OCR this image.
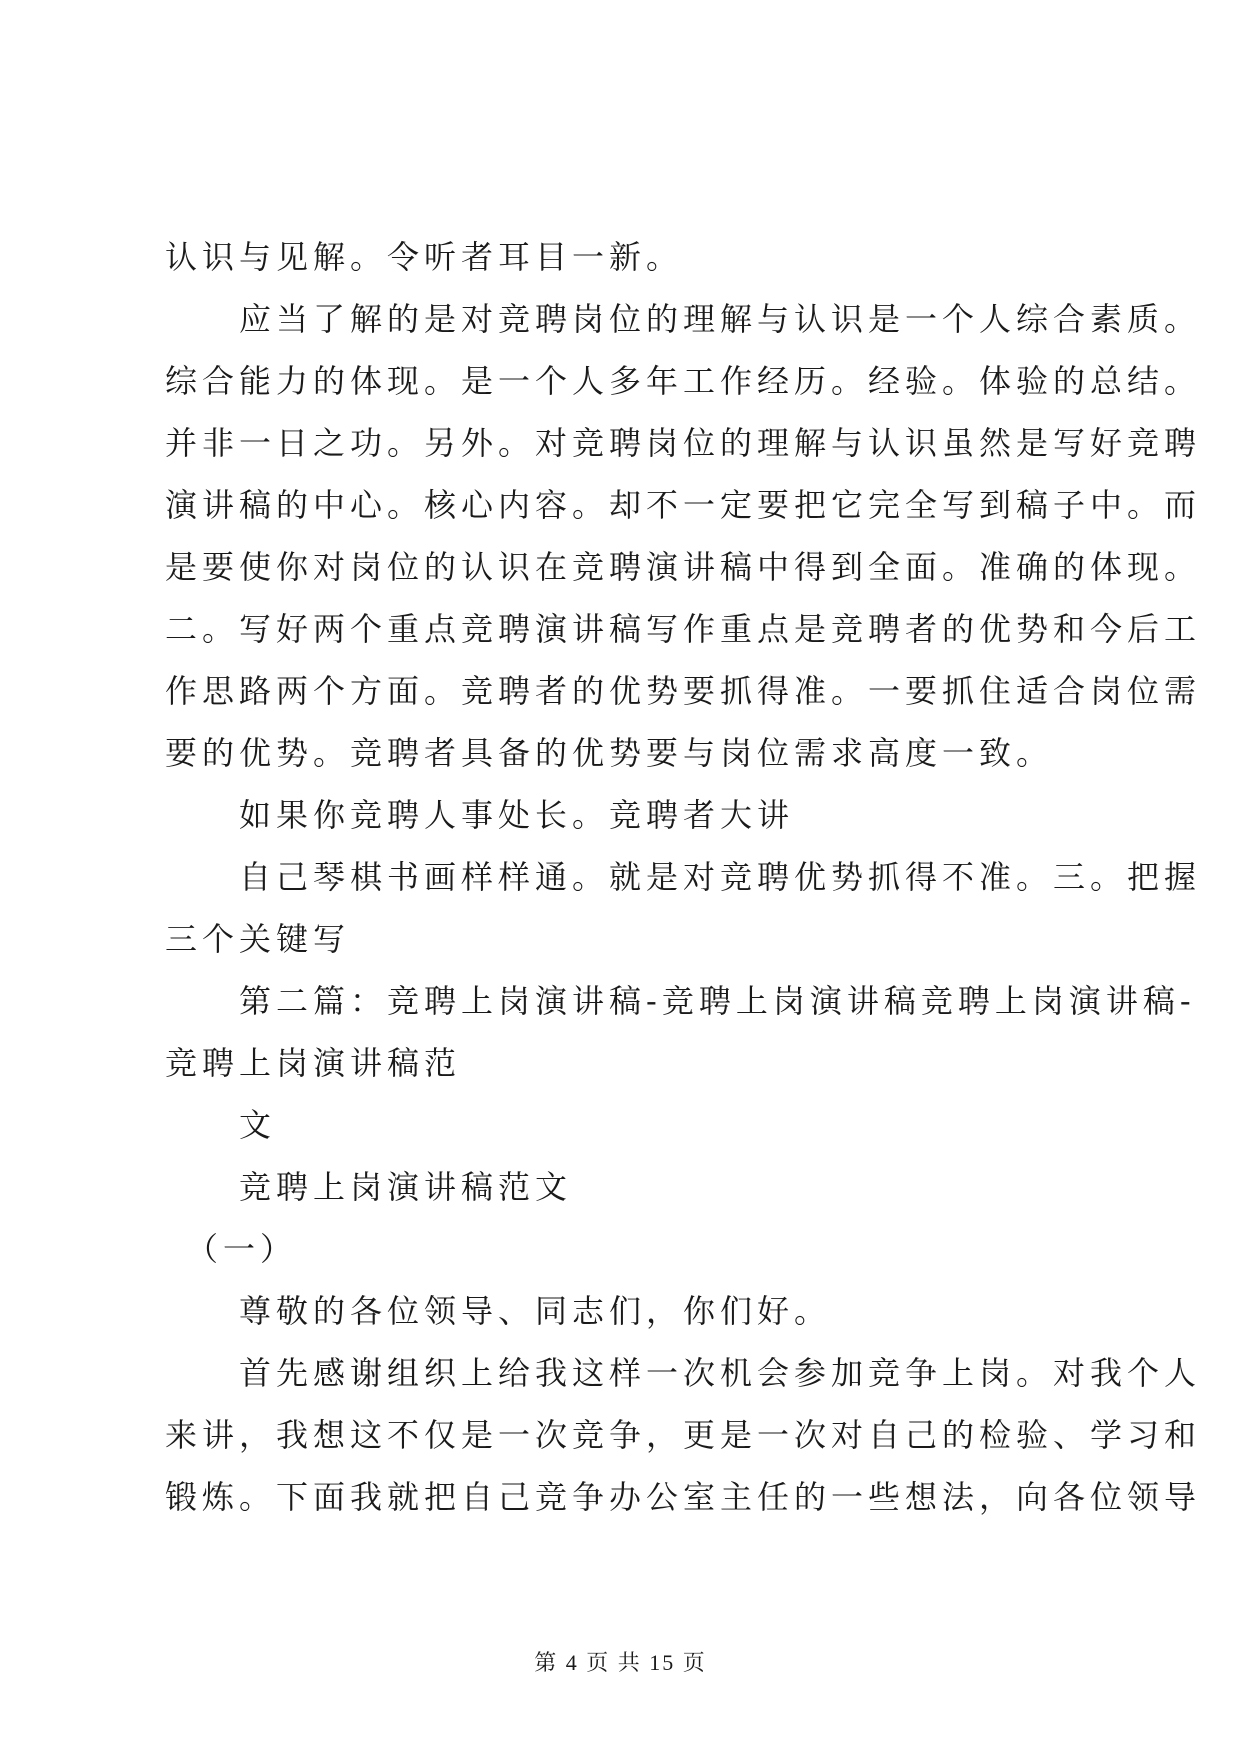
认识与见解。令听者耳目一新。
　　应当了解的是对竞聘岗位的理解与认识是一个人综合素质。
综合能力的体现。是一个人多年工作经历。经验。体验的总结。
并非一日之功。另外。对竞聘岗位的理解与认识虽然是写好竞聘
演讲稿的中心。核心内容。却不一定要把它完全写到稿子中。而
是要使你对岗位的认识在竞聘演讲稿中得到全面。准确的体现。
二。写好两个重点竞聘演讲稿写作重点是竞聘者的优势和今后工
作思路两个方面。竞聘者的优势要抓得准。一要抓住适合岗位需
要的优势。竞聘者具备的优势要与岗位需求高度一致。
　　如果你竞聘人事处长。竞聘者大讲
　　自己琴棋书画样样通。就是对竞聘优势抓得不准。三。把握
三个关键写
　　第二篇：竞聘上岗演讲稿-竞聘上岗演讲稿竞聘上岗演讲稿-
竞聘上岗演讲稿范
　　文
　　竞聘上岗演讲稿范文
　（一）
　　尊敬的各位领导、同志们，你们好。
　　首先感谢组织上给我这样一次机会参加竞争上岗。对我个人
来讲，我想这不仅是一次竞争，更是一次对自己的检验、学习和
锻炼。下面我就把自己竞争办公室主任的一些想法，向各位领导
第 4 页 共 15 页
